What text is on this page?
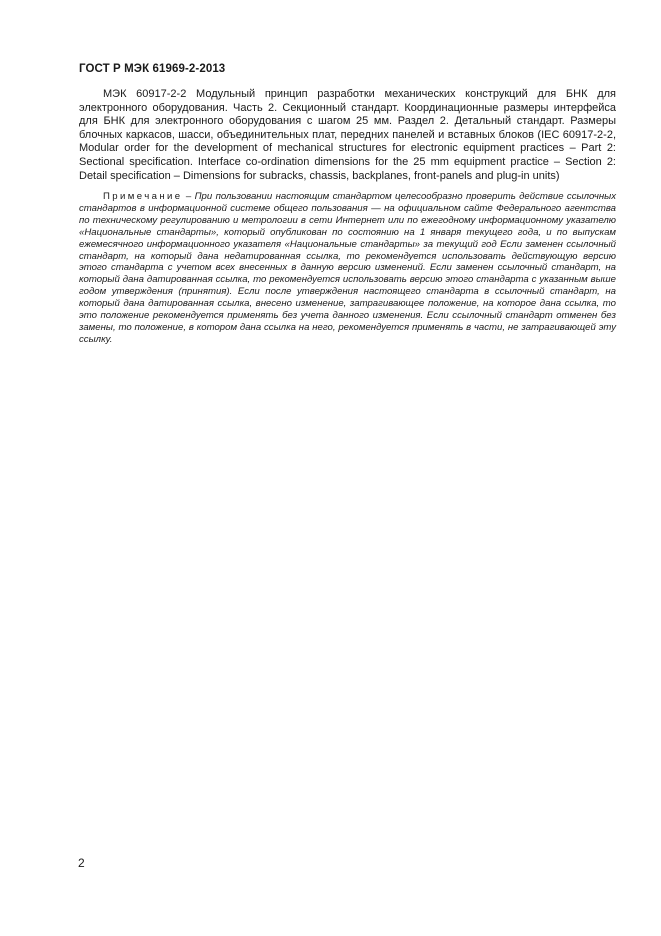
ГОСТ Р МЭК 61969-2-2013

МЭК 60917-2-2 Модульный принцип разработки механических конструкций для БНК для электронного оборудования. Часть 2. Секционный стандарт. Координационные размеры интерфейса для БНК для электронного оборудования с шагом 25 мм. Раздел 2. Детальный стандарт. Размеры блочных каркасов, шасси, объединительных плат, передних панелей и вставных блоков (IEC 60917-2-2, Modular order for the development of mechanical structures for electronic equipment practices – Part 2: Sectional specification. Interface co-ordination dimensions for the 25 mm equipment practice – Section 2: Detail specification – Dimensions for subracks, chassis, backplanes, front-panels and plug-in units)

Примечание – При пользовании настоящим стандартом целесообразно проверить действие ссылочных стандартов в информационной системе общего пользования — на официальном сайте Федерального агентства по техническому регулированию и метрологии в сети Интернет или по ежегодному информационному указателю «Национальные стандарты», который опубликован по состоянию на 1 января текущего года, и по выпускам ежемесячного информационного указателя «Национальные стандарты» за текущий год Если заменен ссылочный стандарт, на который дана недатированная ссылка, то рекомендуется использовать действующую версию этого стандарта с учетом всех внесенных в данную версию изменений. Если заменен ссылочный стандарт, на который дана датированная ссылка, то рекомендуется использовать версию этого стандарта с указанным выше годом утверждения (принятия). Если после утверждения настоящего стандарта в ссылочный стандарт, на который дана датированная ссылка, внесено изменение, затрагивающее положение, на которое дана ссылка, то это положение рекомендуется применять без учета данного изменения. Если ссылочный стандарт отменен без замены, то положение, в котором дана ссылка на него, рекомендуется применять в части, не затрагивающей эту ссылку.

2
